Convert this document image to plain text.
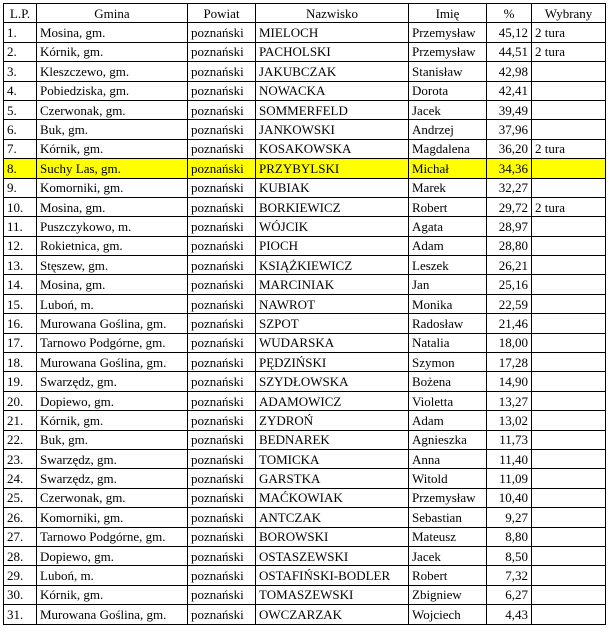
L.P.	Gmina	Powiat	Nazwisko	Imię	%	Wybrany
1.	Mosina, gm.	poznański	MIELOCH	Przemysław	45,12	2 tura
2.	Kórnik, gm.	poznański	PACHOLSKI	Przemysław	44,51	2 tura
3.	Kleszczewo, gm.	poznański	JAKUBCZAK	Stanisław	42,98	
4.	Pobiedziska, gm.	poznański	NOWACKA	Dorota	42,41	
5.	Czerwonak, gm.	poznański	SOMMERFELD	Jacek	39,49	
6.	Buk, gm.	poznański	JANKOWSKI	Andrzej	37,96	
7.	Kórnik, gm.	poznański	KOSAKOWSKA	Magdalena	36,20	2 tura
8.	Suchy Las, gm.	poznański	PRZYBYLSKI	Michał	34,36	
9.	Komorniki, gm.	poznański	KUBIAK	Marek	32,27	
10.	Mosina, gm.	poznański	BORKIEWICZ	Robert	29,72	2 tura
11.	Puszczykowo, m.	poznański	WÓJCIK	Agata	28,97	
12.	Rokietnica, gm.	poznański	PIOCH	Adam	28,80	
13.	Stęszew, gm.	poznański	KSIĄŻKIEWICZ	Leszek	26,21	
14.	Mosina, gm.	poznański	MARCINIAK	Jan	25,16	
15.	Luboń, m.	poznański	NAWROT	Monika	22,59	
16.	Murowana Goślina, gm.	poznański	SZPOT	Radosław	21,46	
17.	Tarnowo Podgórne, gm.	poznański	WUDARSKA	Natalia	18,00	
18.	Murowana Goślina, gm.	poznański	PĘDZIŃSKI	Szymon	17,28	
19.	Swarzędz, gm.	poznański	SZYDŁOWSKA	Bożena	14,90	
20.	Dopiewo, gm.	poznański	ADAMOWICZ	Violetta	13,27	
21.	Kórnik, gm.	poznański	ZYDROŃ	Adam	13,02	
22.	Buk, gm.	poznański	BEDNAREK	Agnieszka	11,73	
23.	Swarzędz, gm.	poznański	TOMICKA	Anna	11,40	
24.	Swarzędz, gm.	poznański	GARSTKA	Witold	11,09	
25.	Czerwonak, gm.	poznański	MAĆKOWIAK	Przemysław	10,40	
26.	Komorniki, gm.	poznański	ANTCZAK	Sebastian	9,27	
27.	Tarnowo Podgórne, gm.	poznański	BOROWSKI	Mateusz	8,80	
28.	Dopiewo, gm.	poznański	OSTASZEWSKI	Jacek	8,50	
29.	Luboń, m.	poznański	OSTAFIŃSKI-BODLER	Robert	7,32	
30.	Kórnik, gm.	poznański	TOMASZEWSKI	Zbigniew	6,27	
31.	Murowana Goślina, gm.	poznański	OWCZARZAK	Wojciech	4,43	
